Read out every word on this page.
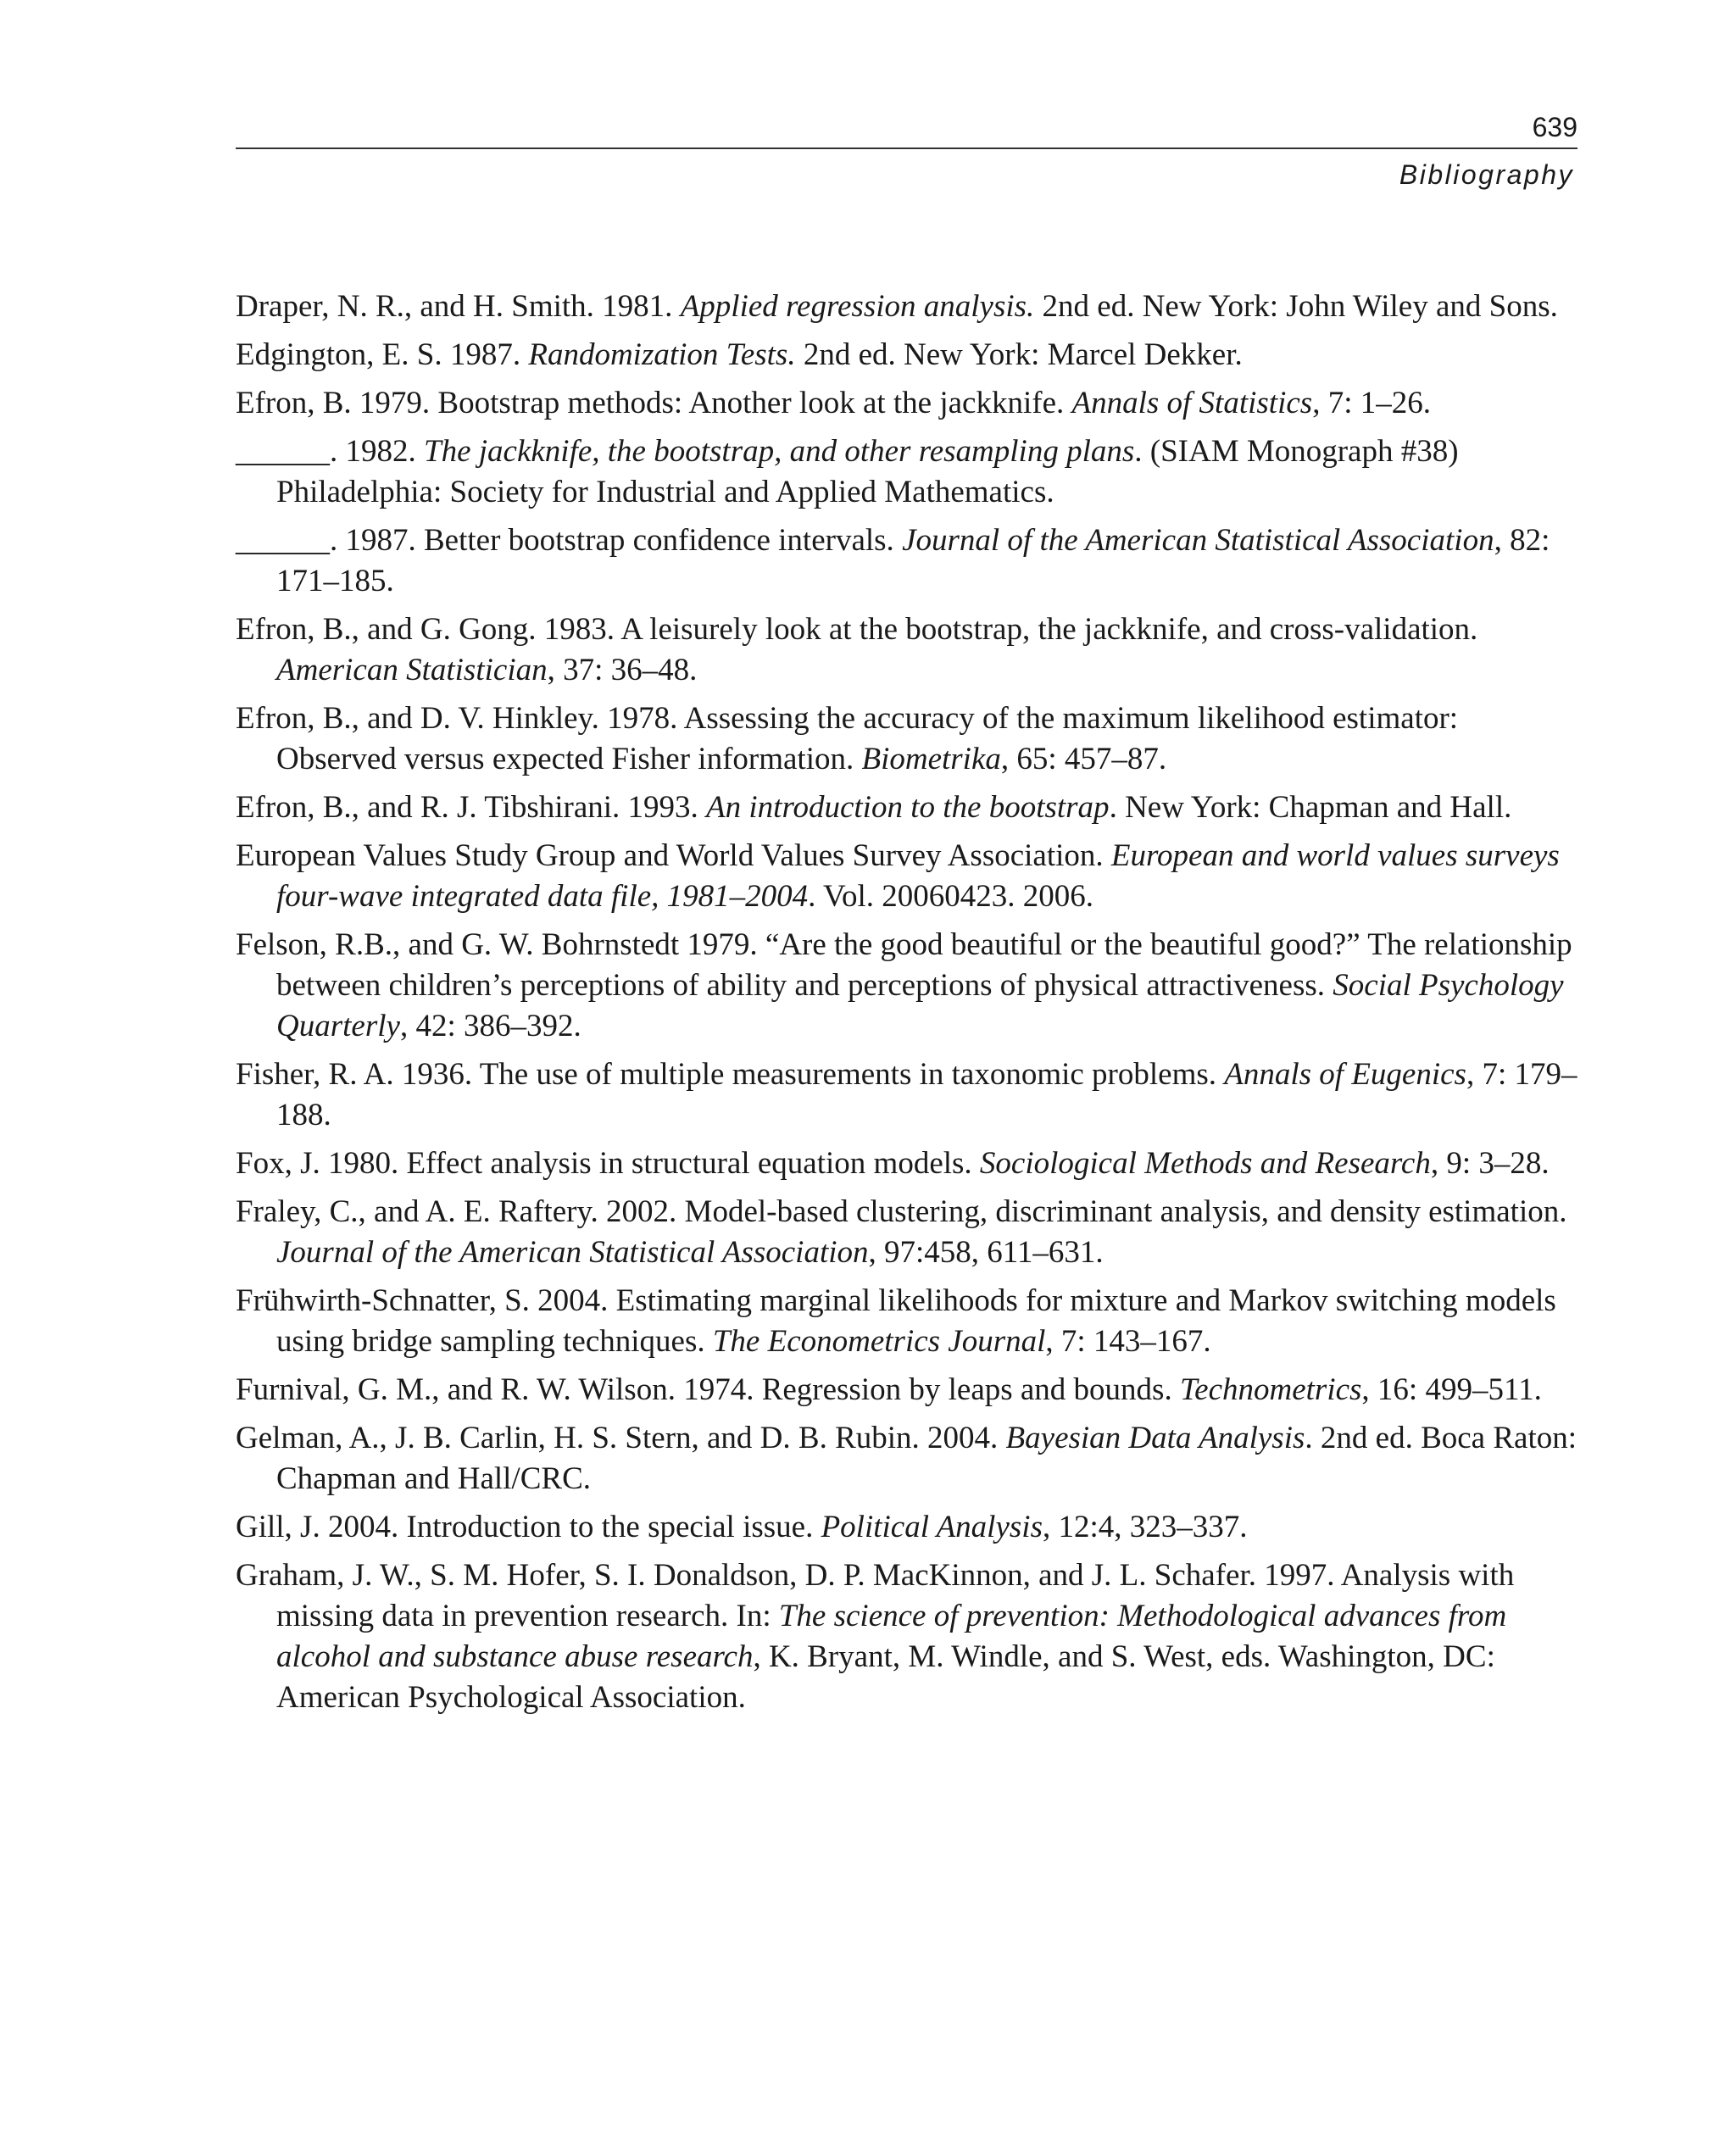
639
Bibliography
Draper, N. R., and H. Smith. 1981. Applied regression analysis. 2nd ed. New York: John Wiley and Sons.
Edgington, E. S. 1987. Randomization Tests. 2nd ed. New York: Marcel Dekker.
Efron, B. 1979. Bootstrap methods: Another look at the jackknife. Annals of Statistics, 7: 1–26.
______. 1982. The jackknife, the bootstrap, and other resampling plans. (SIAM Monograph #38) Philadelphia: Society for Industrial and Applied Mathematics.
______. 1987. Better bootstrap confidence intervals. Journal of the American Statistical Association, 82: 171–185.
Efron, B., and G. Gong. 1983. A leisurely look at the bootstrap, the jackknife, and cross-validation. American Statistician, 37: 36–48.
Efron, B., and D. V. Hinkley. 1978. Assessing the accuracy of the maximum likelihood estimator: Observed versus expected Fisher information. Biometrika, 65: 457–87.
Efron, B., and R. J. Tibshirani. 1993. An introduction to the bootstrap. New York: Chapman and Hall.
European Values Study Group and World Values Survey Association. European and world values surveys four-wave integrated data file, 1981–2004. Vol. 20060423. 2006.
Felson, R.B., and G. W. Bohrnstedt 1979. “Are the good beautiful or the beautiful good?” The relationship between children’s perceptions of ability and perceptions of physical attractiveness. Social Psychology Quarterly, 42: 386–392.
Fisher, R. A. 1936. The use of multiple measurements in taxonomic problems. Annals of Eugenics, 7: 179–188.
Fox, J. 1980. Effect analysis in structural equation models. Sociological Methods and Research, 9: 3–28.
Fraley, C., and A. E. Raftery. 2002. Model-based clustering, discriminant analysis, and density estimation. Journal of the American Statistical Association, 97:458, 611–631.
Frühwirth-Schnatter, S. 2004. Estimating marginal likelihoods for mixture and Markov switching models using bridge sampling techniques. The Econometrics Journal, 7: 143–167.
Furnival, G. M., and R. W. Wilson. 1974. Regression by leaps and bounds. Technometrics, 16: 499–511.
Gelman, A., J. B. Carlin, H. S. Stern, and D. B. Rubin. 2004. Bayesian Data Analysis. 2nd ed. Boca Raton: Chapman and Hall/CRC.
Gill, J. 2004. Introduction to the special issue. Political Analysis, 12:4, 323–337.
Graham, J. W., S. M. Hofer, S. I. Donaldson, D. P. MacKinnon, and J. L. Schafer. 1997. Analysis with missing data in prevention research. In: The science of prevention: Methodological advances from alcohol and substance abuse research, K. Bryant, M. Windle, and S. West, eds. Washington, DC: American Psychological Association.
